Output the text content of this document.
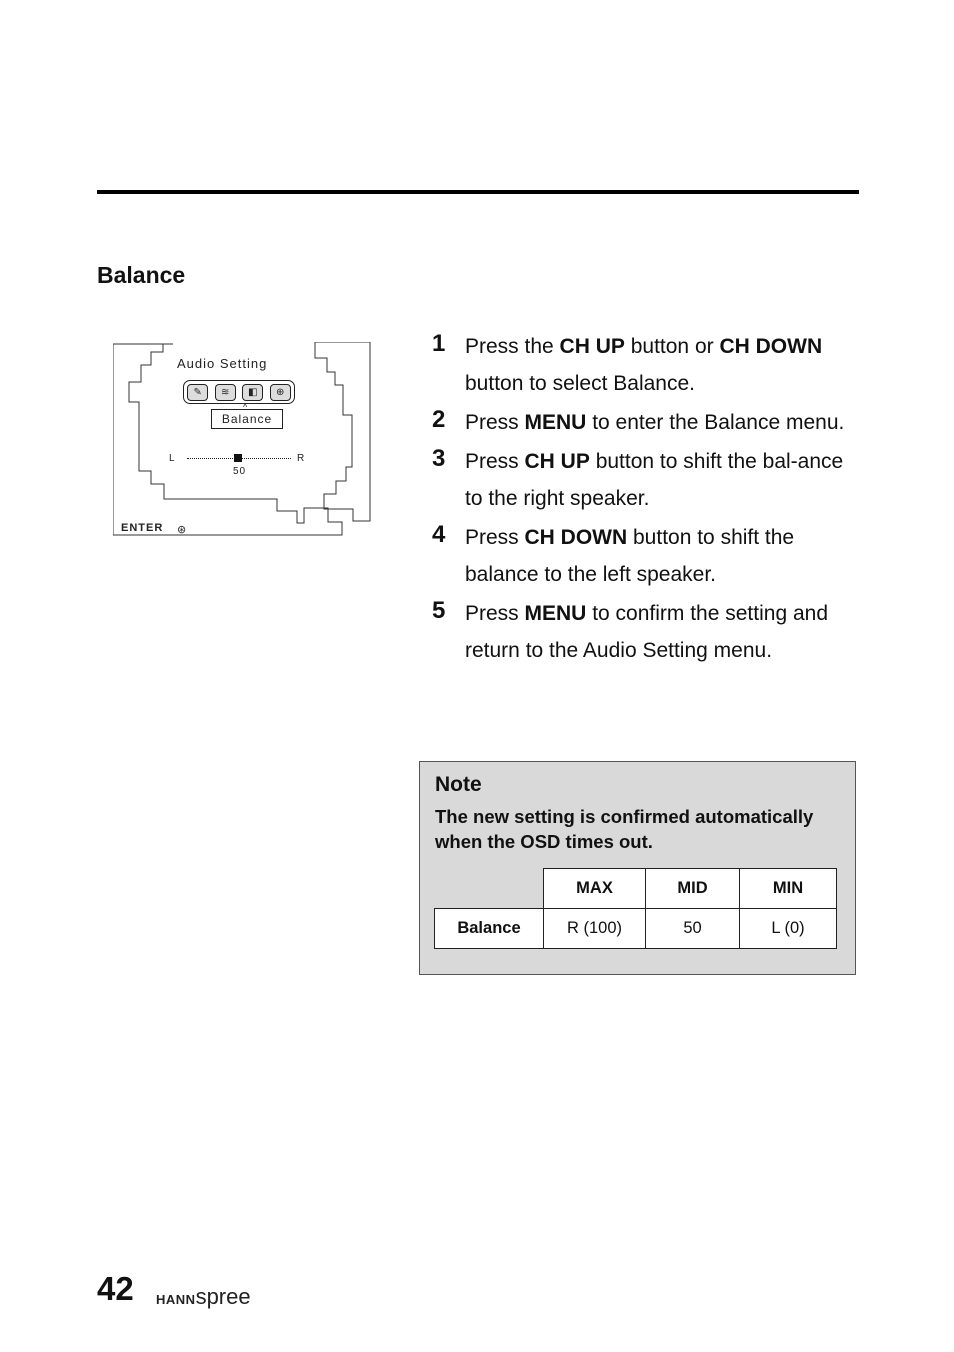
Balance
Audio Setting
✎	≋	◧	⊕
^
Balance
L	R
50
ENTER ⊛
1 Press the CH UP button or CH DOWN button to select Balance.
2 Press MENU to enter the Balance menu.
3 Press CH UP button to shift the bal-ance to the right speaker.
4 Press CH DOWN button to shift the balance to the left speaker.
5 Press MENU to confirm the setting and return to the Audio Setting menu.
Note
The new setting is confirmed automatically when the OSD times out.
	MAX	MID	MIN
Balance	R (100)	50	L (0)
42 HANNspree
